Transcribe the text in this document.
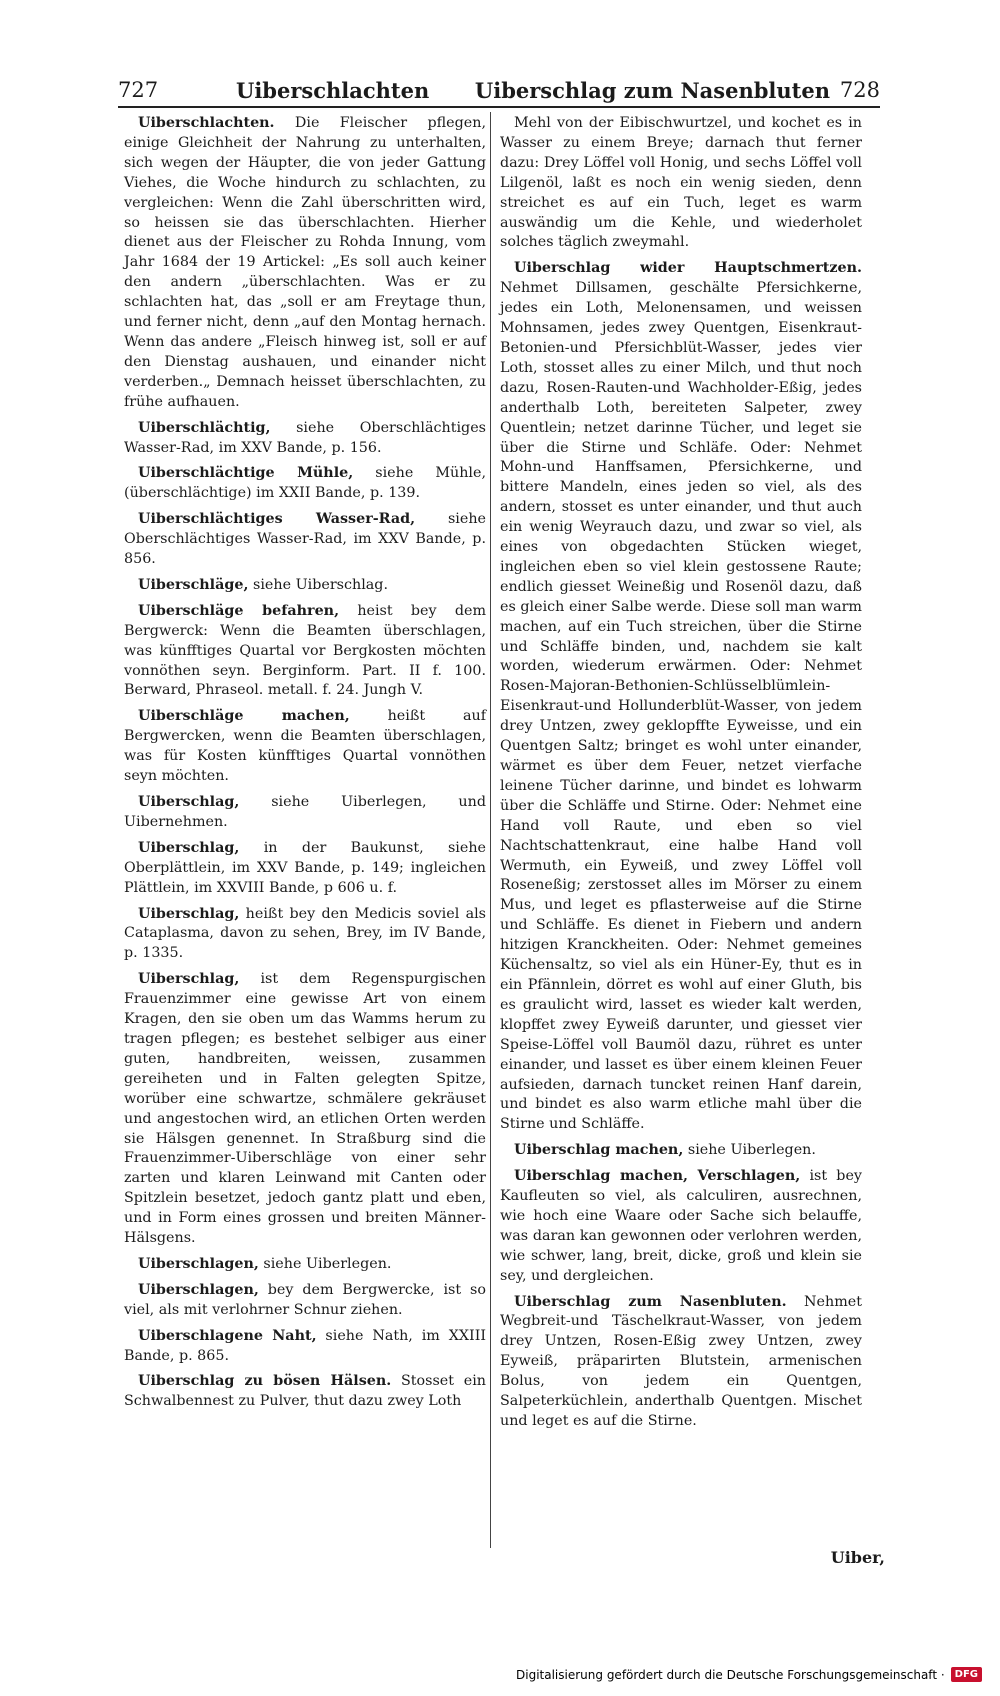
727	Uiberschlachten Uiberschlag zum Nasenbluten 728

Uiberschlachten. Die Fleischer pflegen, einige Gleichheit der Nahrung zu unterhalten, sich wegen der Häupter, die von jeder Gattung Viehes, die Woche hindurch zu schlachten, zu vergleichen: Wenn die Zahl überschritten wird, so heissen sie das überschlachten. Hierher dienet aus der Fleischer zu Rohda Innung, vom Jahr 1684 der 19 Artickel: „Es soll auch keiner den andern „überschlachten. Was er zu schlachten hat, das „soll er am Freytage thun, und ferner nicht, denn „auf den Montag hernach. Wenn das andere „Fleisch hinweg ist, soll er auf den Dienstag aushauen, und einander nicht verderben.„ Demnach heisset überschlachten, zu frühe aufhauen.

Uiberschlächtig, siehe Oberschlächtiges Wasser-Rad, im XXV Bande, p. 156.

Uiberschlächtige Mühle, siehe Mühle, (überschlächtige) im XXII Bande, p. 139.

Uiberschlächtiges Wasser-Rad, siehe Oberschlächtiges Wasser-Rad, im XXV Bande, p. 856.

Uiberschläge, siehe Uiberschlag.

Uiberschläge befahren, heist bey dem Bergwerck: Wenn die Beamten überschlagen, was künfftiges Quartal vor Bergkosten möchten vonnöthen seyn. Berginform. Part. II f. 100. Berward, Phraseol. metall. f. 24. Jungh V.

Uiberschläge machen,	heißt auf Bergwercken, wenn die Beamten überschlagen, was für Kosten künfftiges Quartal vonnöthen seyn möchten.

Uiberschlag, siehe Uiberlegen, und Uibernehmen.

Uiberschlag, in der Baukunst, siehe Oberplättlein, im XXV Bande, p. 149; ingleichen Plättlein, im XXVIII Bande, p 606 u. f.

Uiberschlag, heißt bey den Medicis soviel als Cataplasma, davon zu sehen, Brey, im IV Bande, p. 1335.

Uiberschlag, ist dem Regenspurgischen Frauenzimmer eine gewisse Art von einem Kragen, den sie oben um das Wamms herum zu tragen pflegen; es bestehet selbiger aus einer guten, handbreiten, weissen, zusammen gereiheten und in Falten gelegten Spitze, worüber eine schwartze, schmälere gekräuset und angestochen wird, an etlichen Orten werden sie Hälsgen genennet. In Straßburg sind die Frauenzimmer-Uiberschläge von einer sehr zarten und klaren Leinwand mit Canten oder Spitzlein besetzet, jedoch gantz platt und eben, und in Form eines grossen und breiten Männer-Hälsgens.

Uiberschlagen, siehe Uiberlegen.

Uiberschlagen, bey dem Bergwercke, ist so viel, als mit verlohrner Schnur ziehen.

Uiberschlagene Naht, siehe Nath, im XXIII Bande, p. 865.

Uiberschlag zu bösen Hälsen. Stosset ein Schwalbennest zu Pulver, thut dazu zwey Loth

Mehl von der Eibischwurtzel, und kochet es in Wasser zu einem Breye; darnach thut ferner dazu: Drey Löffel voll Honig, und sechs Löffel voll Lilgenöl, laßt es noch ein wenig sieden, denn streichet es auf ein Tuch, leget es warm auswändig um die Kehle, und wiederholet solches täglich zweymahl.

Uiberschlag wider Hauptschmertzen. Nehmet Dillsamen, geschälte Pfersichkerne, jedes ein Loth, Melonensamen, und weissen Mohnsamen, jedes zwey Quentgen, Eisenkraut-Betonien-und Pfersichblüt-Wasser, jedes vier Loth, stosset alles zu einer Milch, und thut noch dazu, Rosen-Rauten-und Wachholder-Eßig, jedes anderthalb Loth, bereiteten Salpeter, zwey Quentlein; netzet darinne Tücher, und leget sie über die Stirne und Schläfe. Oder: Nehmet Mohn-und Hanffsamen, Pfersichkerne, und bittere Mandeln, eines jeden so viel, als des andern, stosset es unter einander, und thut auch ein wenig Weyrauch dazu, und zwar so viel, als eines von obgedachten Stücken wieget, ingleichen eben so viel klein gestossene Raute; endlich giesset Weineßig und Rosenöl dazu, daß es gleich einer Salbe werde. Diese soll man warm machen, auf ein Tuch streichen, über die Stirne und Schläffe binden, und, nachdem sie kalt worden, wiederum erwärmen. Oder: Nehmet Rosen-Majoran-Bethonien-Schlüsselblümlein-Eisenkraut-und Hollunderblüt-Wasser, von jedem drey Untzen, zwey geklopffte Eyweisse, und ein Quentgen Saltz; bringet es wohl unter einander, wärmet es über dem Feuer, netzet vierfache leinene Tücher darinne, und bindet es lohwarm über die Schläffe und Stirne. Oder: Nehmet eine Hand voll Raute, und eben so viel Nachtschattenkraut, eine halbe Hand voll Wermuth, ein Eyweiß, und zwey Löffel voll Roseneßig; zerstosset alles im Mörser zu einem Mus, und leget es pflasterweise auf die Stirne und Schläffe. Es dienet in Fiebern und andern hitzigen Kranckheiten. Oder: Nehmet gemeines Küchensaltz, so viel als ein Hüner-Ey, thut es in ein Pfännlein, dörret es wohl auf einer Gluth, bis es graulicht wird, lasset es wieder kalt werden, klopffet zwey Eyweiß darunter, und giesset vier Speise-Löffel voll Baumöl dazu, rühret es unter einander, und lasset es über einem kleinen Feuer aufsieden, darnach tuncket reinen Hanf darein, und bindet es also warm etliche mahl über die Stirne und Schläffe.

Uiberschlag machen, siehe Uiberlegen.

Uiberschlag machen, Verschlagen, ist bey Kaufleuten so viel, als calculiren, ausrechnen, wie hoch eine Waare oder Sache sich belauffe, was daran kan gewonnen oder verlohren werden, wie schwer, lang, breit, dicke, groß und klein sie sey, und dergleichen.

Uiberschlag zum Nasenbluten. Nehmet Wegbreit-und Täschelkraut-Wasser, von jedem drey Untzen, Rosen-Eßig zwey Untzen, zwey Eyweiß, präparirten Blutstein, armenischen Bolus, von jedem ein Quentgen, Salpeterküchlein, anderthalb Quentgen. Mischet und leget es auf die Stirne.

Uiber,
Digitalisierung gefördert durch die Deutsche Forschungsgemeinschaft ·	DFG
